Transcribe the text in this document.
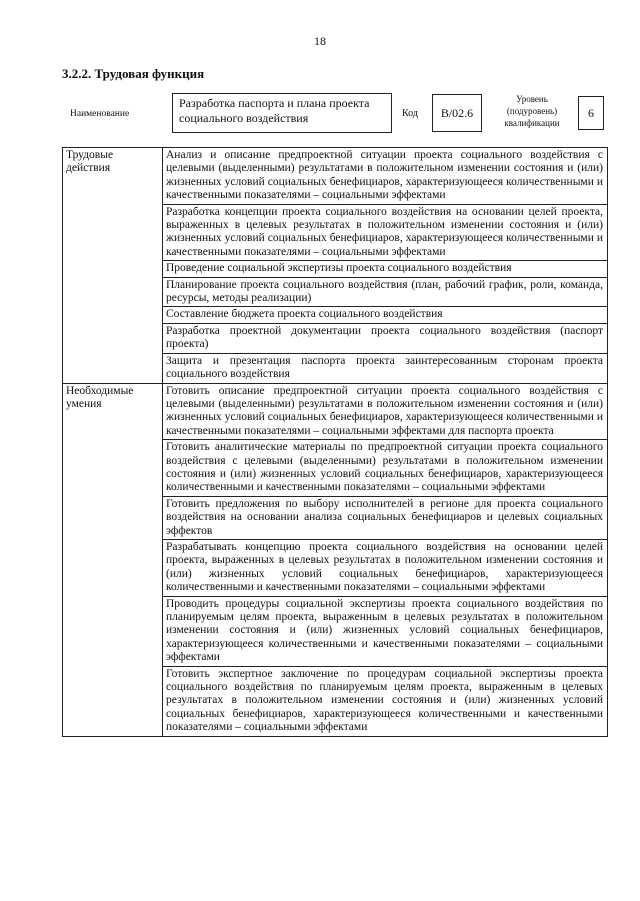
18
3.2.2. Трудовая функция
Наименование
Разработка паспорта и плана проекта социального воздействия	Код	В/02.6
Уровень (подуровень) квалификации
6
Трудовые действия	Анализ и описание предпроектной ситуации проекта социального воздействия с целевыми (выделенными) результатами в положительном изменении состояния и (или) жизненных условий социальных бенефициаров, характеризующееся количественными и качественными показателями – социальными эффектами
	Разработка концепции проекта социального воздействия на основании целей проекта, выраженных в целевых результатах в положительном изменении состояния и (или) жизненных условий социальных бенефициаров, характеризующееся количественными и качественными показателями – социальными эффектами
	Проведение социальной экспертизы проекта социального воздействия
	Планирование проекта социального воздействия (план, рабочий график, роли, команда, ресурсы, методы реализации)
	Составление бюджета проекта социального воздействия
	Разработка проектной документации проекта социального воздействия (паспорт проекта)
	Защита и презентация паспорта проекта заинтересованным сторонам проекта социального воздействия
Необходимые умения	Готовить описание предпроектной ситуации проекта социального воздействия с целевыми (выделенными) результатами в положительном изменении состояния и (или) жизненных условий социальных бенефициаров, характеризующееся количественными и качественными показателями – социальными эффектами для паспорта проекта
	Готовить аналитические материалы по предпроектной ситуации проекта социального воздействия с целевыми (выделенными) результатами в положительном изменении состояния и (или) жизненных условий социальных бенефициаров, характеризующееся количественными и качественными показателями – социальными эффектами
	Готовить предложения по выбору исполнителей в регионе для проекта социального воздействия на основании анализа социальных бенефициаров и целевых социальных эффектов
	Разрабатывать концепцию проекта социального воздействия на основании целей проекта, выраженных в целевых результатах в положительном изменении состояния и (или) жизненных условий социальных бенефициаров, характеризующееся количественными и качественными показателями – социальными эффектами
	Проводить процедуры социальной экспертизы проекта социального воздействия по планируемым целям проекта, выраженным в целевых результатах в положительном изменении состояния и (или) жизненных условий социальных бенефициаров, характеризующееся количественными и качественными показателями – социальными эффектами
	Готовить экспертное заключение по процедурам социальной экспертизы проекта социального воздействия по планируемым целям проекта, выраженным в целевых результатах в положительном изменении состояния и (или) жизненных условий социальных бенефициаров, характеризующееся количественными и качественными показателями – социальными эффектами
